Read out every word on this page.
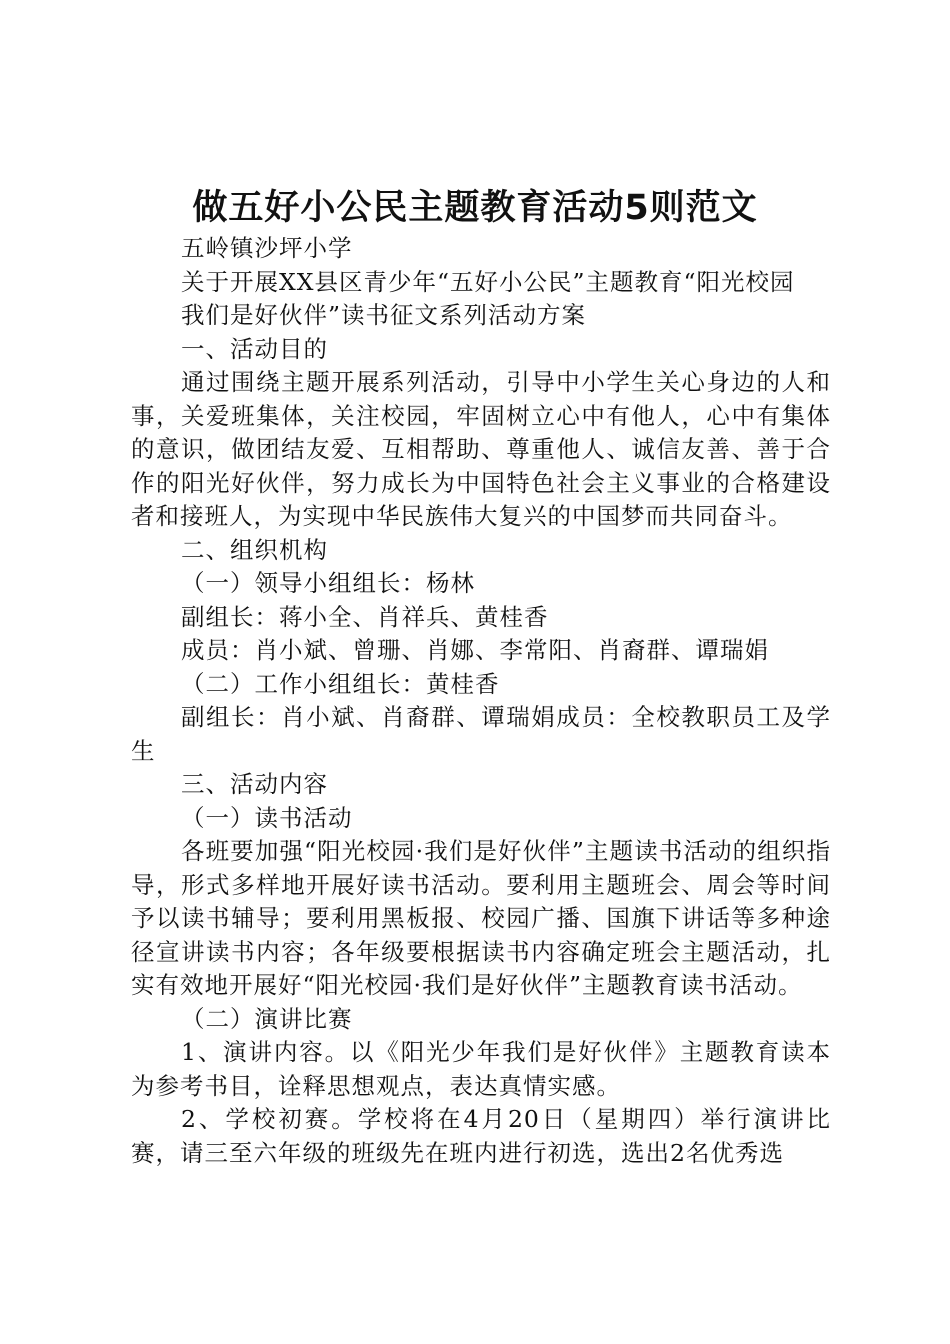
做五好小公民主题教育活动5则范文

五岭镇沙坪小学

关于开展XX县区青少年“五好小公民”主题教育“阳光校园

我们是好伙伴”读书征文系列活动方案

一、活动目的

通过围绕主题开展系列活动，引导中小学生关心身边的人和事，关爱班集体，关注校园，牢固树立心中有他人，心中有集体的意识，做团结友爱、互相帮助、尊重他人、诚信友善、善于合作的阳光好伙伴，努力成长为中国特色社会主义事业的合格建设者和接班人，为实现中华民族伟大复兴的中国梦而共同奋斗。

二、组织机构

（一）领导小组组长：杨林

副组长：蒋小全、肖祥兵、黄桂香

成员：肖小斌、曾珊、肖娜、李常阳、肖裔群、谭瑞娟

（二）工作小组组长：黄桂香

副组长：肖小斌、肖裔群、谭瑞娟成员：全校教职员工及学生

三、活动内容

（一）读书活动

各班要加强“阳光校园·我们是好伙伴”主题读书活动的组织指导，形式多样地开展好读书活动。要利用主题班会、周会等时间予以读书辅导；要利用黑板报、校园广播、国旗下讲话等多种途径宣讲读书内容；各年级要根据读书内容确定班会主题活动，扎实有效地开展好“阳光校园·我们是好伙伴”主题教育读书活动。

（二）演讲比赛

1、演讲内容。以《阳光少年我们是好伙伴》主题教育读本为参考书目，诠释思想观点，表达真情实感。

2、学校初赛。学校将在4月20日（星期四）举行演讲比赛，请三至六年级的班级先在班内进行初选，选出2名优秀选
